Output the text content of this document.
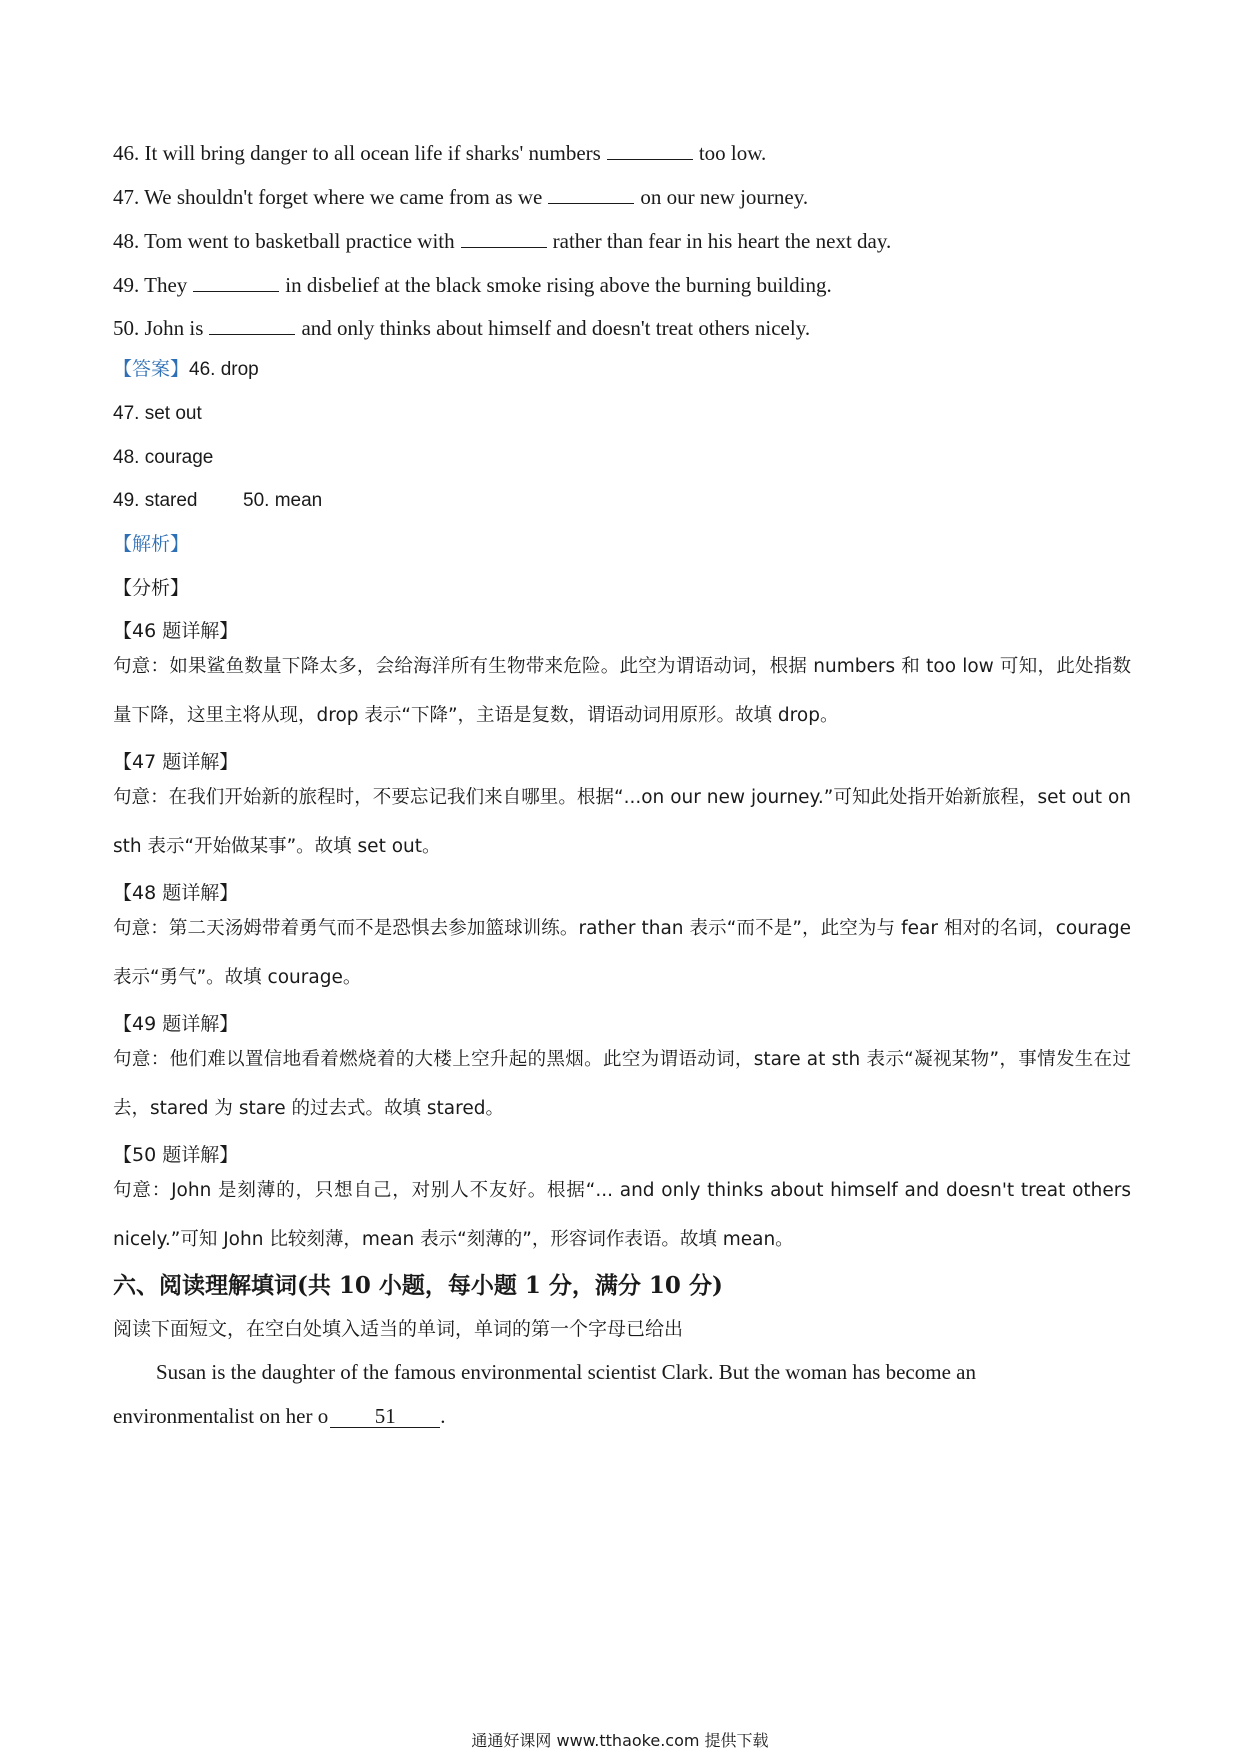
46. It will bring danger to all ocean life if sharks' numbers	too low.
47. We shouldn't forget where we came from as we	on our new journey.
48. Tom went to basketball practice with	rather than fear in his heart the next day.
49. They	in disbelief at the black smoke rising above the burning building.
50. John is	and only thinks about himself and doesn't treat others nicely.
【答案】46. drop
47. set out
48. courage
49. stared 50. mean
【解析】
【分析】
【46 题详解】
句意：如果鲨鱼数量下降太多，会给海洋所有生物带来危险。此空为谓语动词，根据 numbers 和 too low 可知，此处指数量下降，这里主将从现，drop 表示“下降”，主语是复数，谓语动词用原形。故填 drop。
【47 题详解】
句意：在我们开始新的旅程时，不要忘记我们来自哪里。根据“...on our new journey.”可知此处指开始新旅程，set out on sth 表示“开始做某事”。故填 set out。
【48 题详解】
句意：第二天汤姆带着勇气而不是恐惧去参加篮球训练。rather than 表示“而不是”，此空为与 fear 相对的名词，courage 表示“勇气”。故填 courage。
【49 题详解】
句意：他们难以置信地看着燃烧着的大楼上空升起的黑烟。此空为谓语动词，stare at sth 表示“凝视某物”，事情发生在过去，stared 为 stare 的过去式。故填 stared。
【50 题详解】
句意：John 是刻薄的，只想自己，对别人不友好。根据“... and only thinks about himself and doesn't treat others nicely.”可知 John 比较刻薄，mean 表示“刻薄的”，形容词作表语。故填 mean。
六、阅读理解填词(共 10 小题，每小题 1 分，满分 10 分)
阅读下面短文，在空白处填入适当的单词，单词的第一个字母已给出
Susan is the daughter of the famous environmental scientist Clark. But the woman has become an
environmentalist on her o 51 .
通通好课网 www.tthaoke.com 提供下载
